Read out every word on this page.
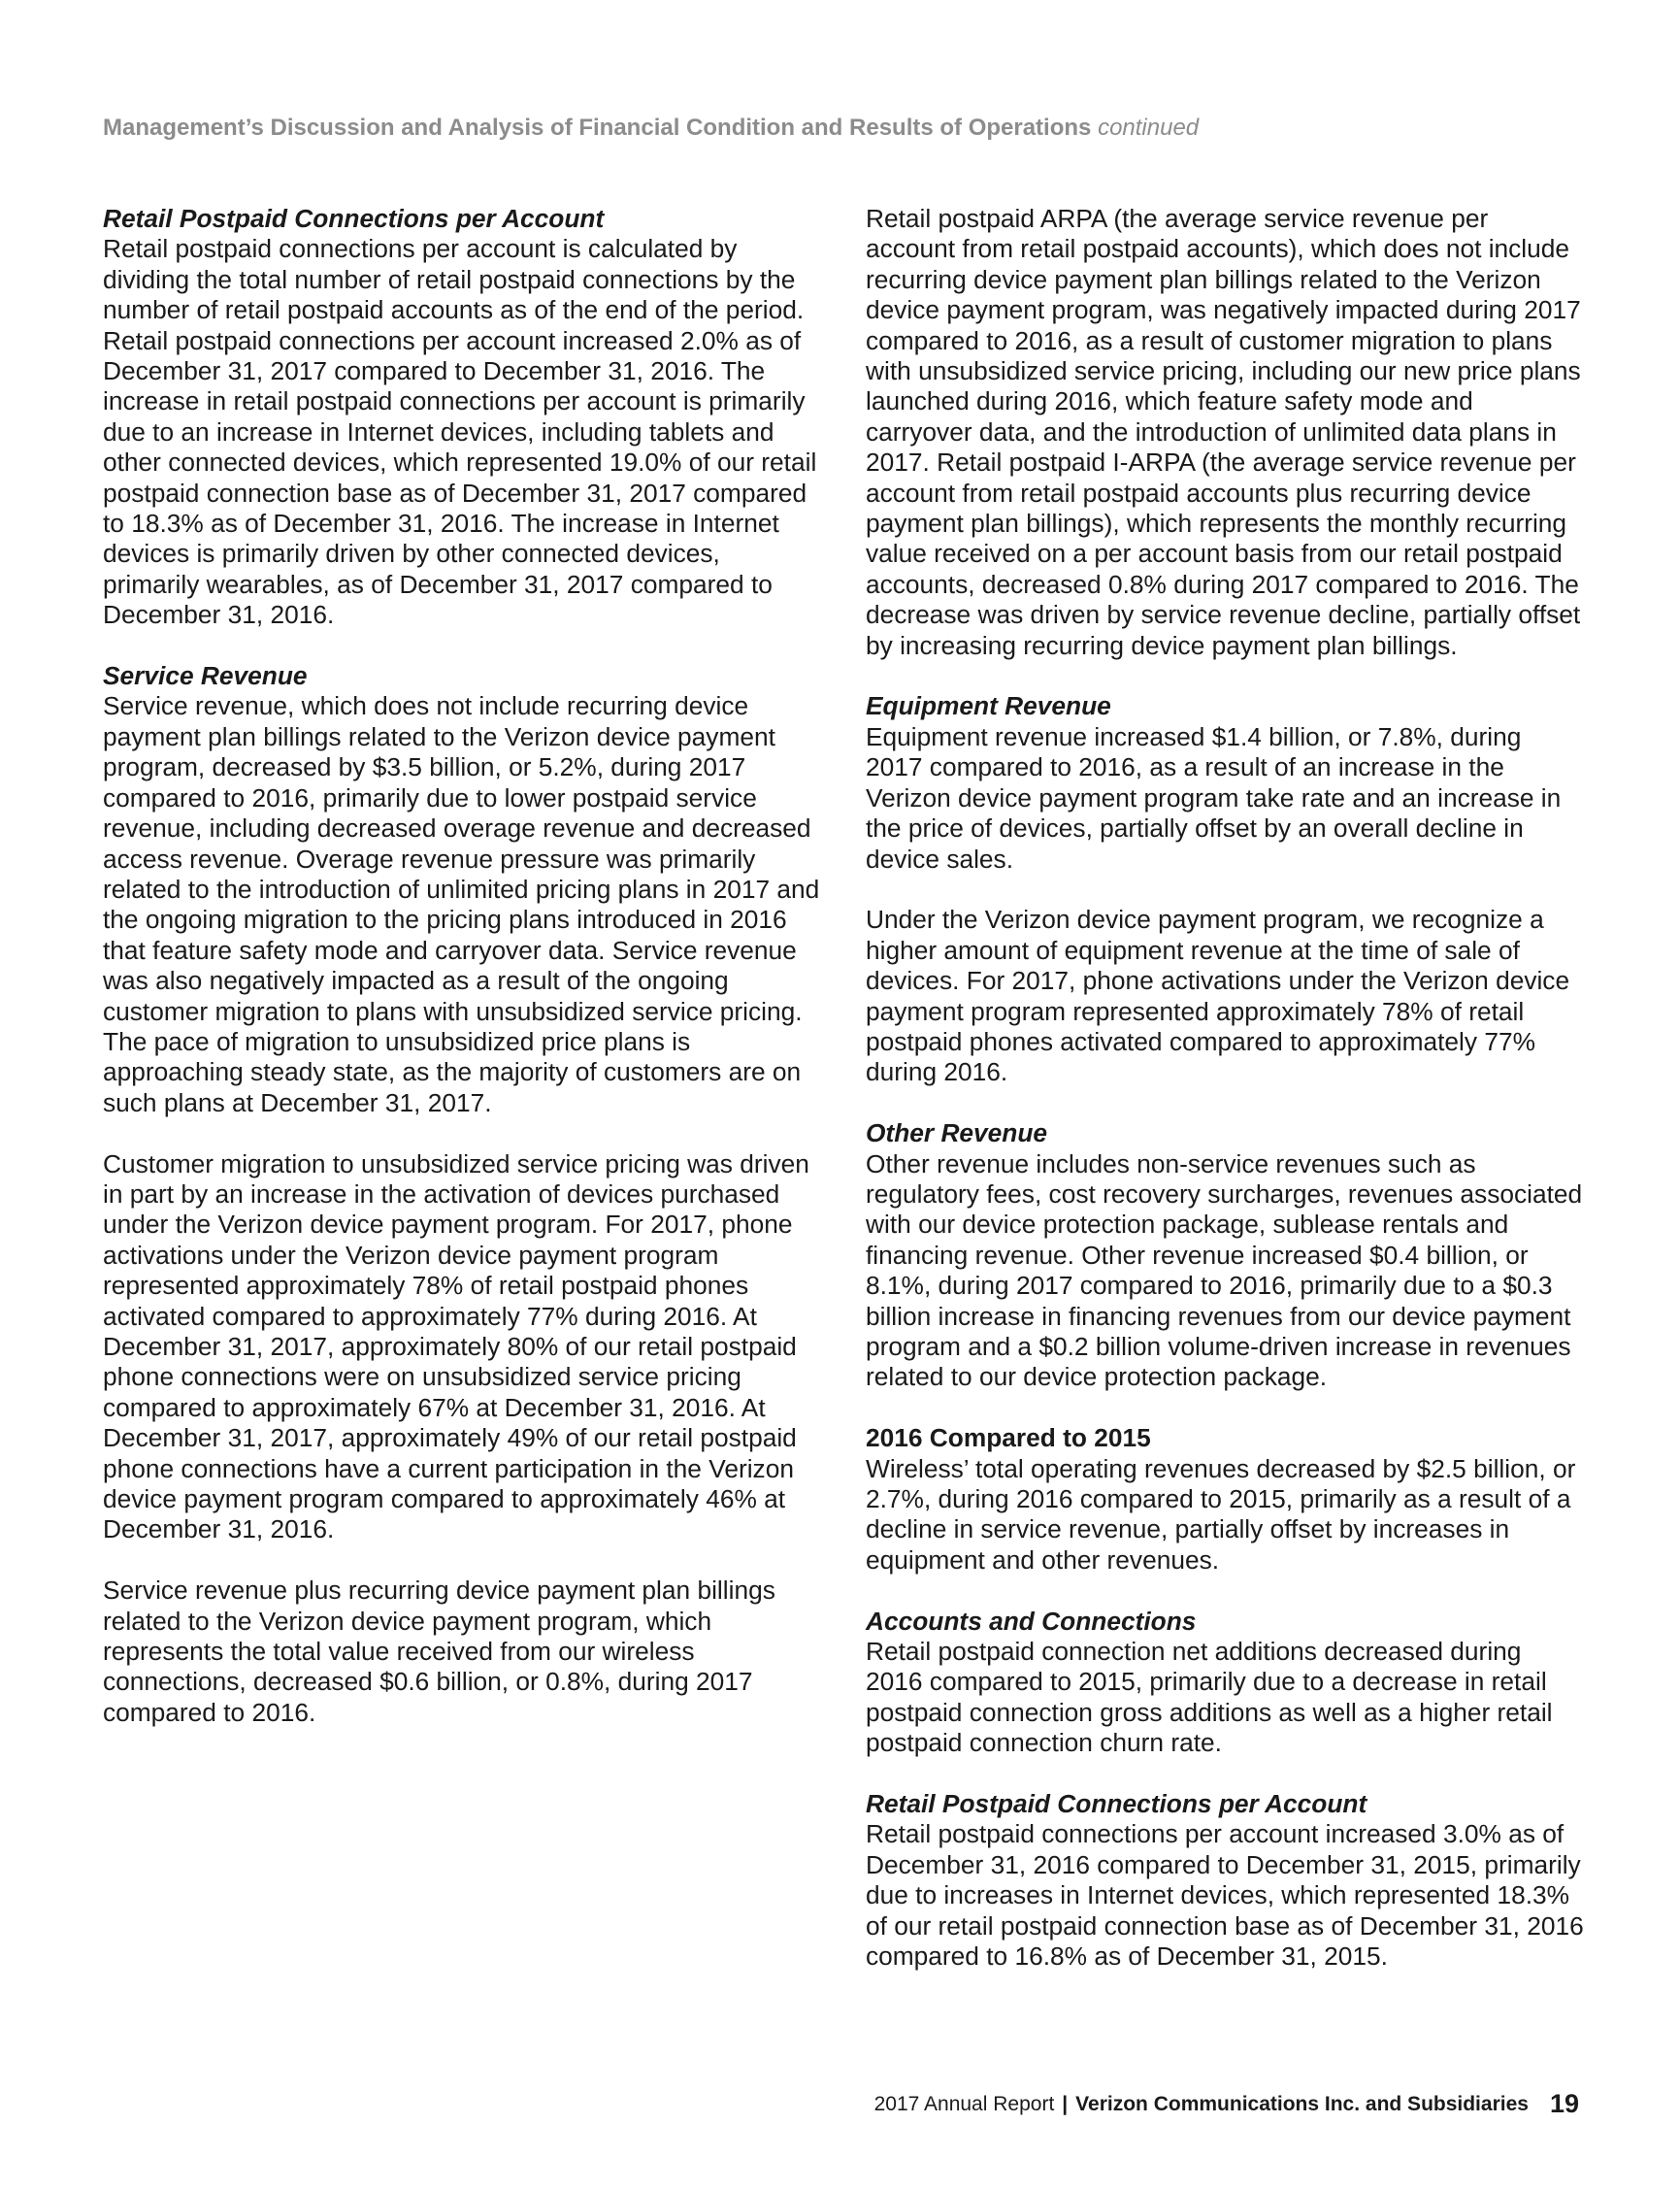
Management’s Discussion and Analysis of Financial Condition and Results of Operations continued
Retail Postpaid Connections per Account

Retail postpaid connections per account is calculated by dividing the total number of retail postpaid connections by the number of retail postpaid accounts as of the end of the period. Retail postpaid connections per account increased 2.0% as of December 31, 2017 compared to December 31, 2016. The increase in retail postpaid connections per account is primarily due to an increase in Internet devices, including tablets and other connected devices, which represented 19.0% of our retail postpaid connection base as of December 31, 2017 compared to 18.3% as of December 31, 2016. The increase in Internet devices is primarily driven by other connected devices, primarily wearables, as of December 31, 2017 compared to December 31, 2016.

Service Revenue

Service revenue, which does not include recurring device payment plan billings related to the Verizon device payment program, decreased by $3.5 billion, or 5.2%, during 2017 compared to 2016, primarily due to lower postpaid service revenue, including decreased overage revenue and decreased access revenue. Overage revenue pressure was primarily related to the introduction of unlimited pricing plans in 2017 and the ongoing migration to the pricing plans introduced in 2016 that feature safety mode and carryover data. Service revenue was also negatively impacted as a result of the ongoing customer migration to plans with unsubsidized service pricing. The pace of migration to unsubsidized price plans is approaching steady state, as the majority of customers are on such plans at December 31, 2017.

Customer migration to unsubsidized service pricing was driven in part by an increase in the activation of devices purchased under the Verizon device payment program. For 2017, phone activations under the Verizon device payment program represented approximately 78% of retail postpaid phones activated compared to approximately 77% during 2016. At December 31, 2017, approximately 80% of our retail postpaid phone connections were on unsubsidized service pricing compared to approximately 67% at December 31, 2016. At December 31, 2017, approximately 49% of our retail postpaid phone connections have a current participation in the Verizon device payment program compared to approximately 46% at December 31, 2016.

Service revenue plus recurring device payment plan billings related to the Verizon device payment program, which represents the total value received from our wireless connections, decreased $0.6 billion, or 0.8%, during 2017 compared to 2016.

Retail postpaid ARPA (the average service revenue per account from retail postpaid accounts), which does not include recurring device payment plan billings related to the Verizon device payment program, was negatively impacted during 2017 compared to 2016, as a result of customer migration to plans with unsubsidized service pricing, including our new price plans launched during 2016, which feature safety mode and carryover data, and the introduction of unlimited data plans in 2017. Retail postpaid I-ARPA (the average service revenue per account from retail postpaid accounts plus recurring device payment plan billings), which represents the monthly recurring value received on a per account basis from our retail postpaid accounts, decreased 0.8% during 2017 compared to 2016. The decrease was driven by service revenue decline, partially offset by increasing recurring device payment plan billings.

Equipment Revenue

Equipment revenue increased $1.4 billion, or 7.8%, during 2017 compared to 2016, as a result of an increase in the Verizon device payment program take rate and an increase in the price of devices, partially offset by an overall decline in device sales.

Under the Verizon device payment program, we recognize a higher amount of equipment revenue at the time of sale of devices. For 2017, phone activations under the Verizon device payment program represented approximately 78% of retail postpaid phones activated compared to approximately 77% during 2016.

Other Revenue

Other revenue includes non-service revenues such as regulatory fees, cost recovery surcharges, revenues associated with our device protection package, sublease rentals and financing revenue. Other revenue increased $0.4 billion, or 8.1%, during 2017 compared to 2016, primarily due to a $0.3 billion increase in financing revenues from our device payment program and a $0.2 billion volume-driven increase in revenues related to our device protection package.

2016 Compared to 2015

Wireless’ total operating revenues decreased by $2.5 billion, or 2.7%, during 2016 compared to 2015, primarily as a result of a decline in service revenue, partially offset by increases in equipment and other revenues.

Accounts and Connections

Retail postpaid connection net additions decreased during 2016 compared to 2015, primarily due to a decrease in retail postpaid connection gross additions as well as a higher retail postpaid connection churn rate.

Retail Postpaid Connections per Account

Retail postpaid connections per account increased 3.0% as of December 31, 2016 compared to December 31, 2015, primarily due to increases in Internet devices, which represented 18.3% of our retail postpaid connection base as of December 31, 2016 compared to 16.8% as of December 31, 2015.

2017 Annual Report | Verizon Communications Inc. and Subsidiaries 19
